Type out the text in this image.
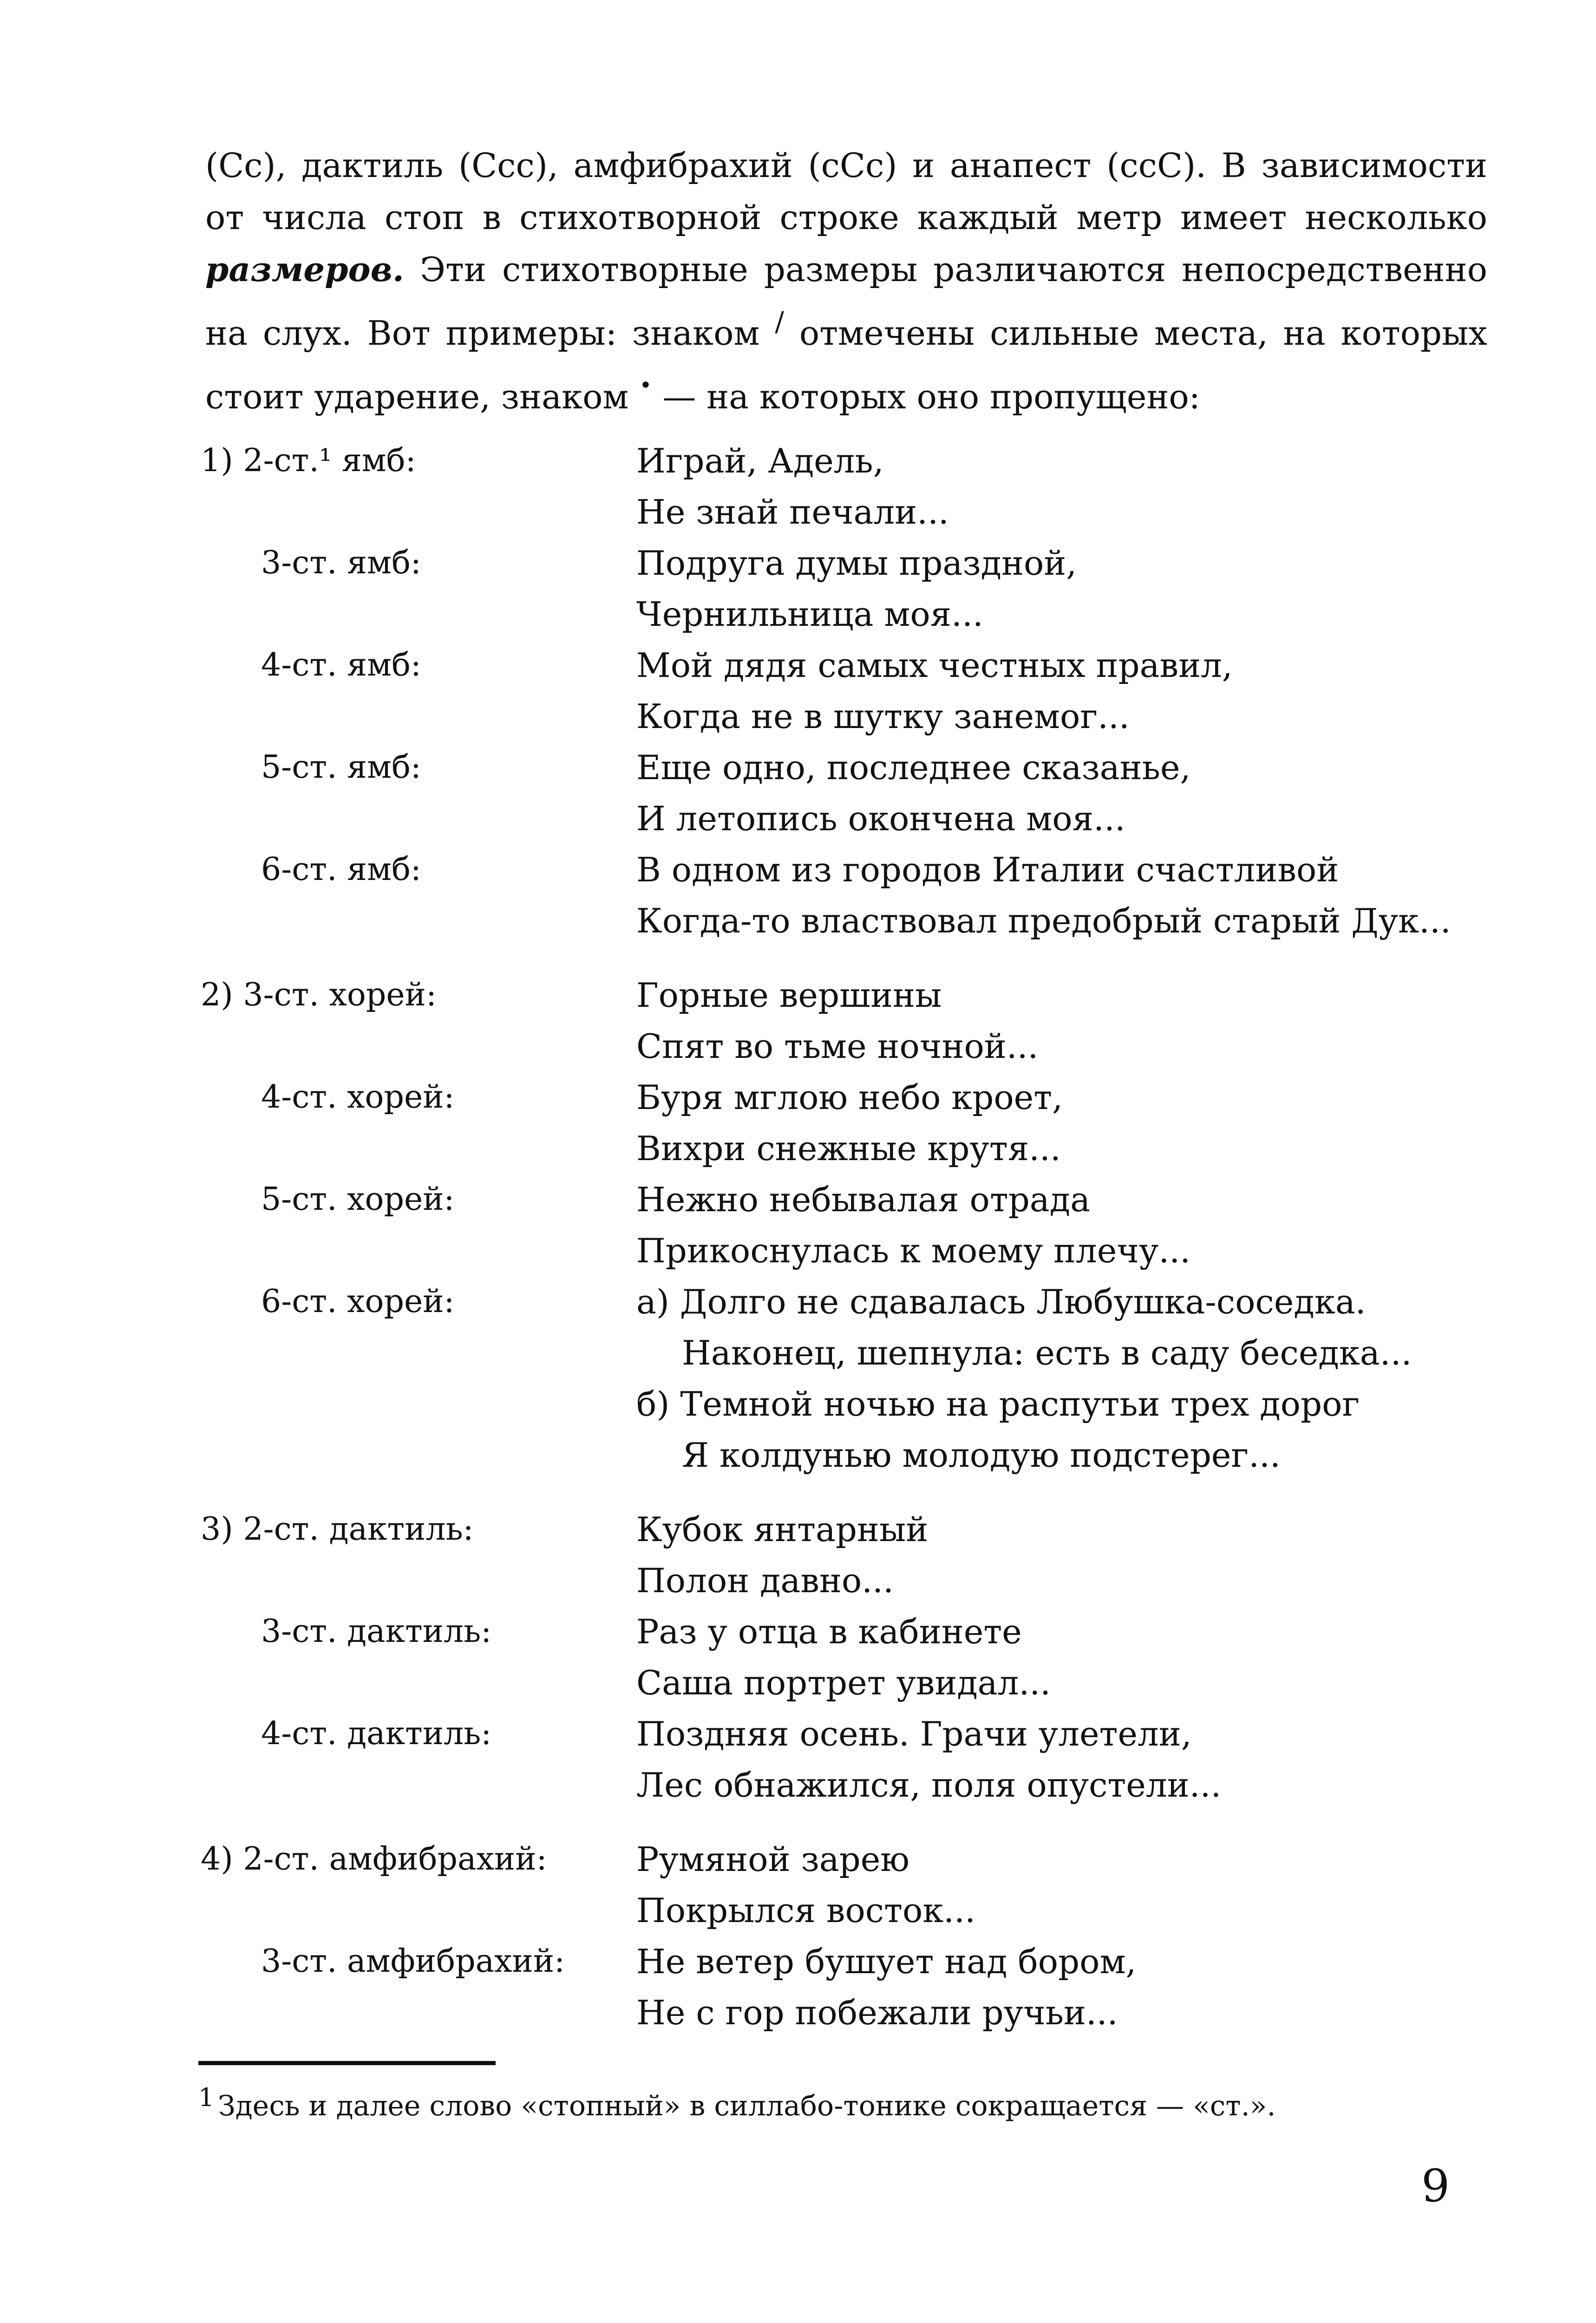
(Сс), дактиль (Ссс), амфибрахий (сСс) и анапест (ссС). В зависимости от числа стоп в стихотворной строке каждый метр имеет несколько размеров. Эти стихотворные размеры различаются непосредственно на слух. Вот примеры: знаком / отмечены сильные места, на которых стоит ударение, знаком • — на которых оно пропущено:
1) 2-ст.¹ ямб:	Играй, Адель,
Не знай печали...
3-ст. ямб:	Подруга думы праздной,
Чернильница моя...
4-ст. ямб:	Мой дядя самых честных правил,
Когда не в шутку занемог...
5-ст. ямб:	Еще одно, последнее сказанье,
И летопись окончена моя...
6-ст. ямб:	В одном из городов Италии счастливой
Когда-то властвовал предобрый старый Дук...
2) 3-ст. хорей:	Горные вершины
Спят во тьме ночной...
4-ст. хорей:	Буря мглою небо кроет,
Вихри снежные крутя...
5-ст. хорей:	Нежно небывалая отрада
Прикоснулась к моему плечу...
6-ст. хорей:	а) Долго не сдавалась Любушка-соседка.
Наконец, шепнула: есть в саду беседка...
б) Темной ночью на распутьи трех дорог
Я колдунью молодую подстерег...
3) 2-ст. дактиль:	Кубок янтарный
Полон давно...
3-ст. дактиль:	Раз у отца в кабинете
Саша портрет увидал...
4-ст. дактиль:	Поздняя осень. Грачи улетели,
Лес обнажился, поля опустели...
4) 2-ст. амфибрахий:	Румяной зарею
Покрылся восток...
3-ст. амфибрахий: Не ветер бушует над бором,
Не с гор побежали ручьи...
1 Здесь и далее слово «стопный» в силлабо-тонике сокращается — «ст.».
9
